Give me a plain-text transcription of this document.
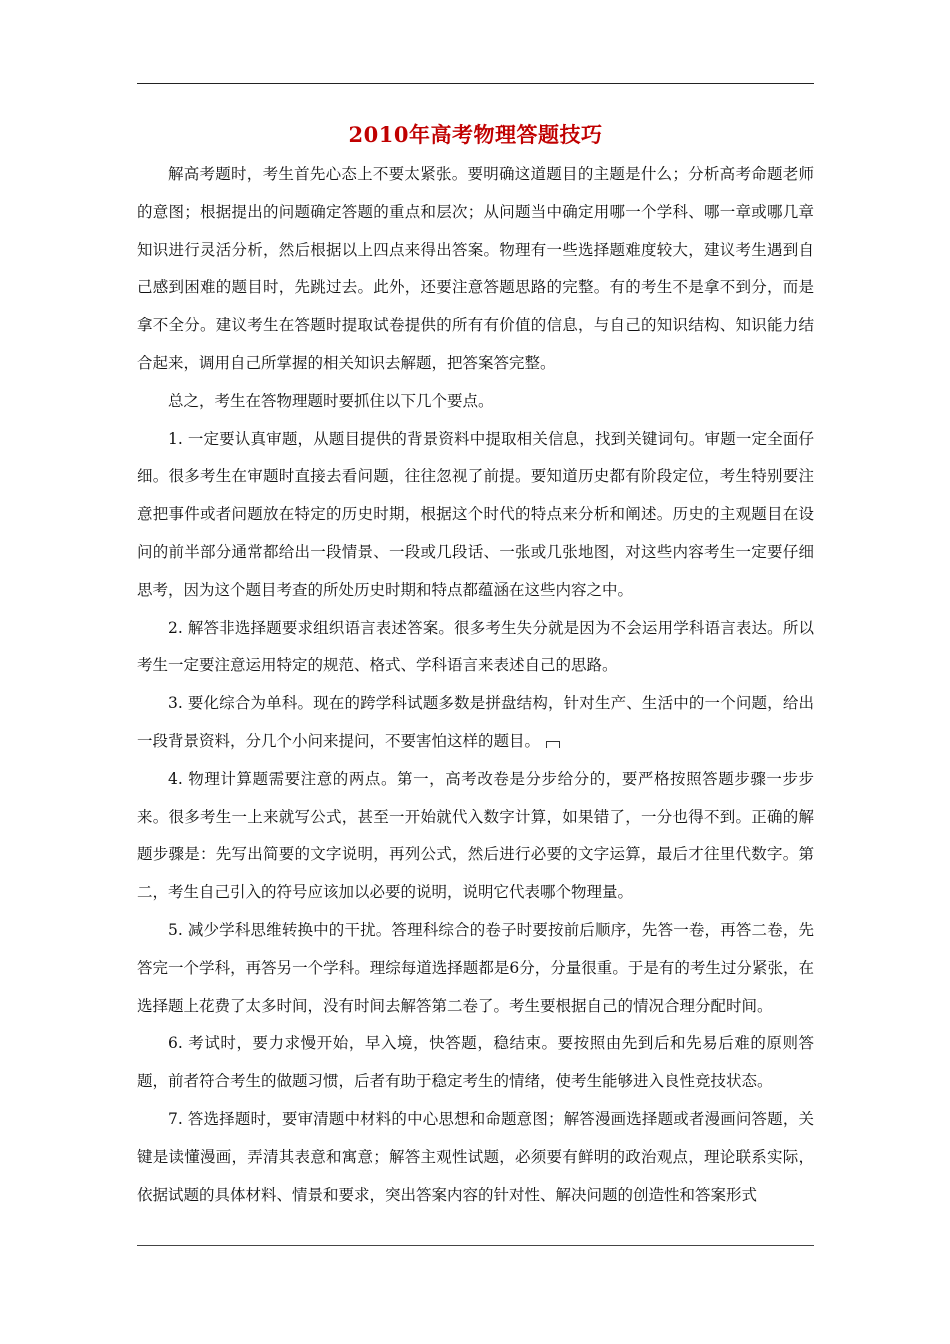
2010年高考物理答题技巧

解高考题时，考生首先心态上不要太紧张。要明确这道题目的主题是什么；分析高考命题老师的意图；根据提出的问题确定答题的重点和层次；从问题当中确定用哪一个学科、哪一章或哪几章知识进行灵活分析，然后根据以上四点来得出答案。物理有一些选择题难度较大，建议考生遇到自己感到困难的题目时，先跳过去。此外，还要注意答题思路的完整。有的考生不是拿不到分，而是拿不全分。建议考生在答题时提取试卷提供的所有有价值的信息，与自己的知识结构、知识能力结合起来，调用自己所掌握的相关知识去解题，把答案答完整。

总之，考生在答物理题时要抓住以下几个要点。

1. 一定要认真审题，从题目提供的背景资料中提取相关信息，找到关键词句。审题一定全面仔细。很多考生在审题时直接去看问题，往往忽视了前提。要知道历史都有阶段定位，考生特别要注意把事件或者问题放在特定的历史时期，根据这个时代的特点来分析和阐述。历史的主观题目在设问的前半部分通常都给出一段情景、一段或几段话、一张或几张地图，对这些内容考生一定要仔细思考，因为这个题目考查的所处历史时期和特点都蕴涵在这些内容之中。

2. 解答非选择题要求组织语言表述答案。很多考生失分就是因为不会运用学科语言表达。所以考生一定要注意运用特定的规范、格式、学科语言来表述自己的思路。

3. 要化综合为单科。现在的跨学科试题多数是拼盘结构，针对生产、生活中的一个问题，给出一段背景资料，分几个小问来提问，不要害怕这样的题目。

4. 物理计算题需要注意的两点。第一，高考改卷是分步给分的，要严格按照答题步骤一步步来。很多考生一上来就写公式，甚至一开始就代入数字计算，如果错了，一分也得不到。正确的解题步骤是：先写出简要的文字说明，再列公式，然后进行必要的文字运算，最后才往里代数字。第二，考生自己引入的符号应该加以必要的说明，说明它代表哪个物理量。

5. 减少学科思维转换中的干扰。答理科综合的卷子时要按前后顺序，先答一卷，再答二卷，先答完一个学科，再答另一个学科。理综每道选择题都是6分，分量很重。于是有的考生过分紧张，在选择题上花费了太多时间，没有时间去解答第二卷了。考生要根据自己的情况合理分配时间。

6. 考试时，要力求慢开始，早入境，快答题，稳结束。要按照由先到后和先易后难的原则答题，前者符合考生的做题习惯，后者有助于稳定考生的情绪，使考生能够进入良性竞技状态。

7. 答选择题时，要审清题中材料的中心思想和命题意图；解答漫画选择题或者漫画问答题，关键是读懂漫画，弄清其表意和寓意；解答主观性试题，必须要有鲜明的政治观点，理论联系实际，依据试题的具体材料、情景和要求，突出答案内容的针对性、解决问题的创造性和答案形式
